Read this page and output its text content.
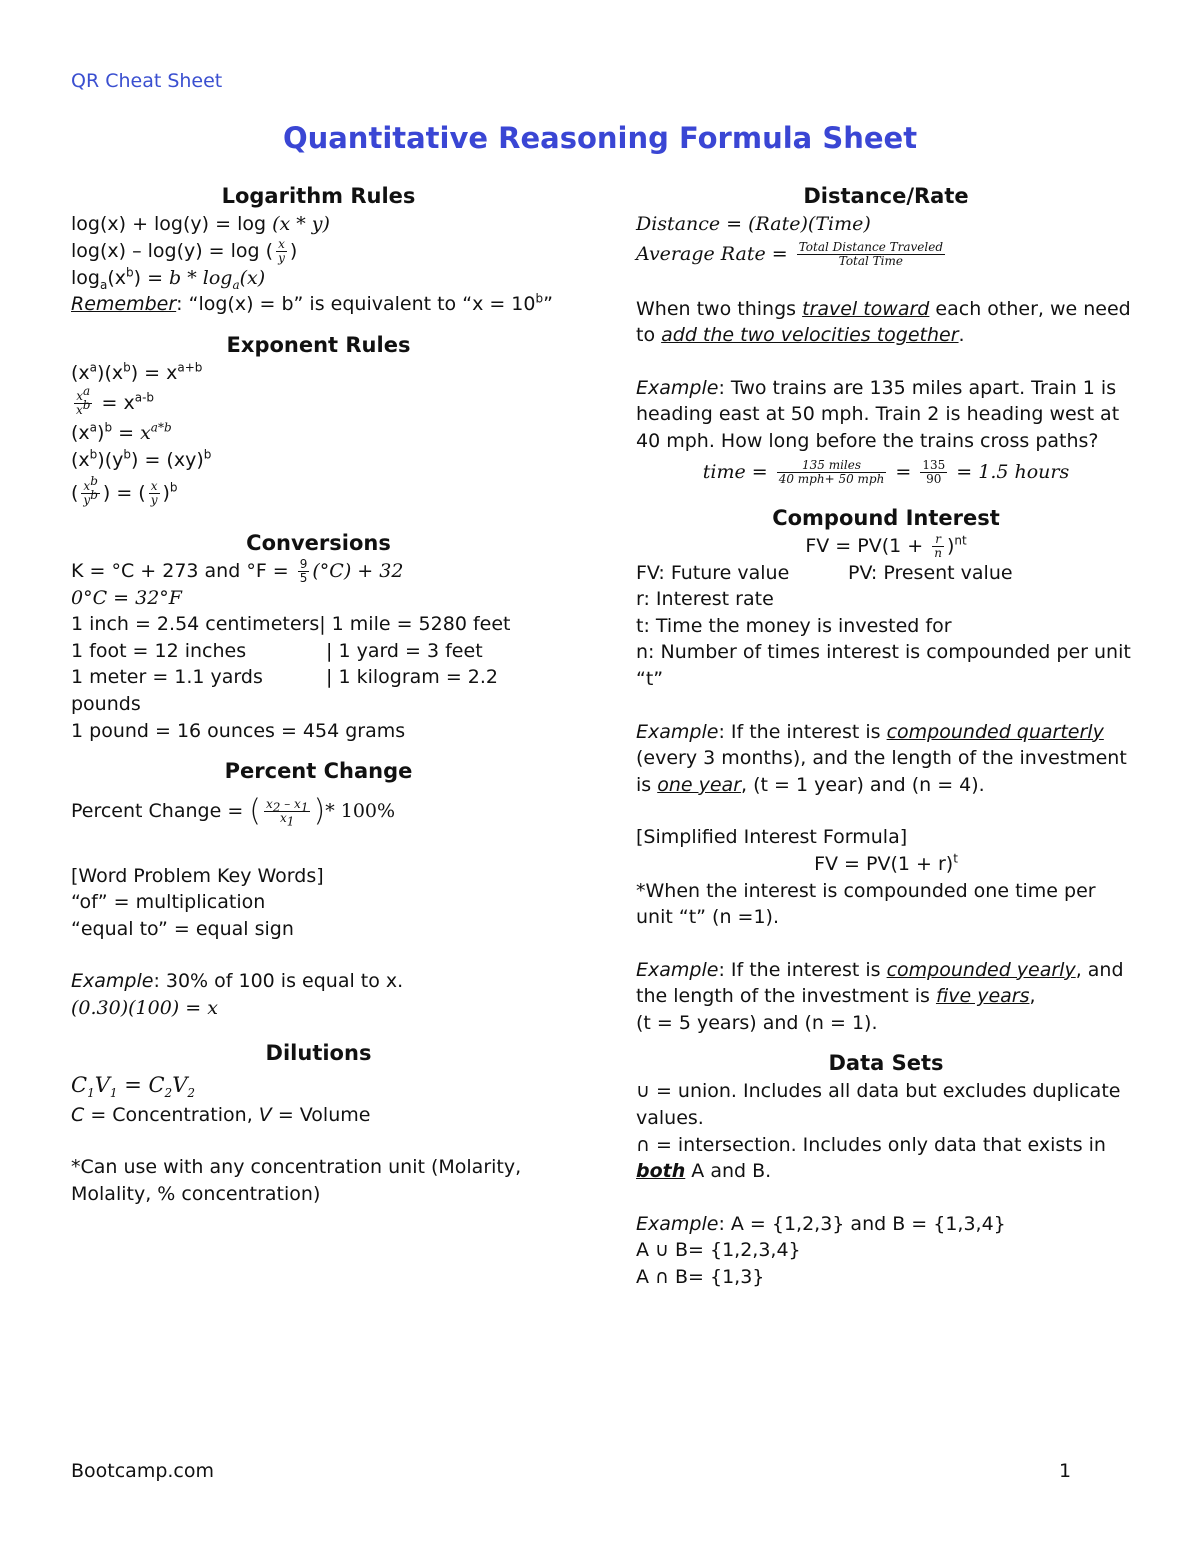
QR Cheat Sheet
Quantitative Reasoning Formula Sheet
Logarithm Rules
log(x) + log(y) = log (x * y)
log(x) – log(y) = log ( $\frac{x}{y}$ )
$\log_a(x^b) = b * \log_a(x)$
Remember: “log(x) = b” is equivalent to “$x = 10^b$”
Exponent Rules
$(x^a)(x^b) = x^{a+b}$
$\frac{x^a}{x^b} = x^{a-b}$
$(x^a)^b = x^{a*b}$
$(x^b)(y^b) = (xy)^b$
( $\frac{x^b}{y^b}$ ) = ( $\frac{x}{y} )^b$
Conversions
K = °C + 273 and $^\circ F = \frac{9}{5} (^\circ C) + 32$
0°C = 32°F
1 inch = 2.54 centimeters| 1 mile = 5280 feet
1 foot = 12 inches	| 1 yard = 3 feet
1 meter = 1.1 yards	| 1 kilogram = 2.2
pounds
1 pound = 16 ounces = 454 grams
Percent Change
Percent Change = ( $\frac{x_2 - x_1}{x_1}$ )* 100%
[Word Problem Key Words]
“of” = multiplication
“equal to” = equal sign
Example: 30% of 100 is equal to x.
(0.30)(100) = x
Dilutions
$C_1V_1 = C_2V_2$
C = Concentration, V = Volume
*Can use with any concentration unit (Molarity, Molality, % concentration)
Distance/Rate
Distance = (Rate)(Time)
Average Rate = $\frac{\text{Total Distance Traveled}}{\text{Total Time}}$
When two things travel toward each other, we need to add the two velocities together.
Example: Two trains are 135 miles apart. Train 1 is heading east at 50 mph. Train 2 is heading west at 40 mph. How long before the trains cross paths?
time = $\frac{\text{135 miles}}{\text{40 mph+ 50 mph}} = \frac{135}{90} = 1.5$ hours
Compound Interest
FV = $PV(1 + \frac{r}{n} )^{nt}$
FV: Future value	PV: Present value
r: Interest rate
t: Time the money is invested for
n: Number of times interest is compounded per unit “t”
Example: If the interest is compounded quarterly (every 3 months), and the length of the investment is one year, (t = 1 year) and (n = 4).
[Simplified Interest Formula]
FV = $PV(1 + r)^t$
*When the interest is compounded one time per unit “t” (n =1).
Example: If the interest is compounded yearly, and the length of the investment is five years,
(t = 5 years) and (n = 1).
Data Sets
∪ = union. Includes all data but excludes duplicate values.
∩ = intersection. Includes only data that exists in both A and B.
Example: A = {1,2,3} and B = {1,3,4}
A ∪ B= {1,2,3,4}
A ∩ B= {1,3}
Bootcamp.com	1
